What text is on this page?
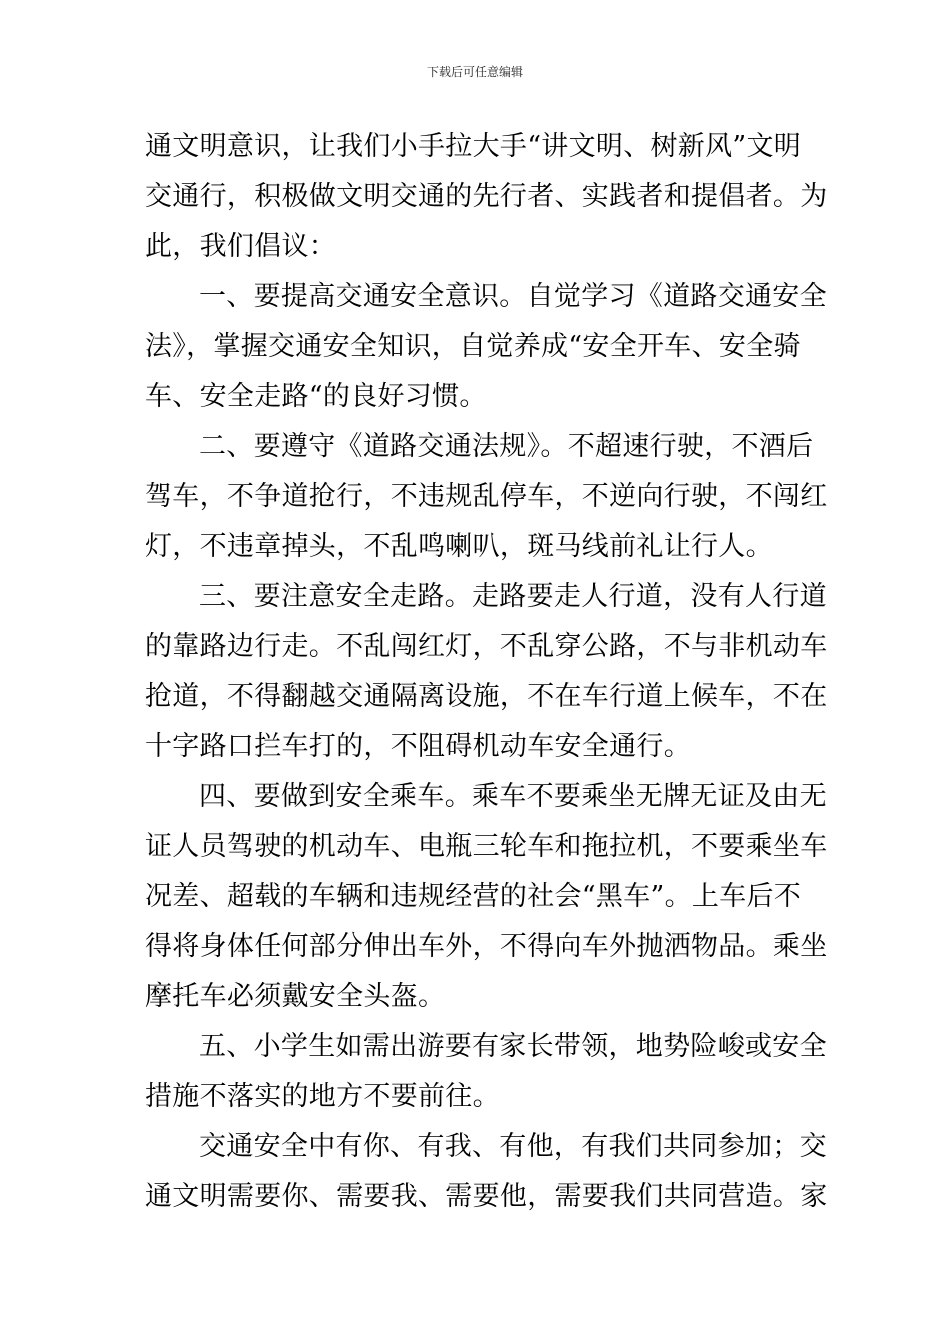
下载后可任意编辑
通文明意识，让我们小手拉大手“讲文明、树新风”文明
交通行，积极做文明交通的先行者、实践者和提倡者。为
此，我们倡议：
一、要提高交通安全意识。自觉学习《道路交通安全
法》，掌握交通安全知识，自觉养成“安全开车、安全骑
车、安全走路“的良好习惯。
二、要遵守《道路交通法规》。不超速行驶，不酒后
驾车，不争道抢行，不违规乱停车，不逆向行驶，不闯红
灯，不违章掉头，不乱鸣喇叭，斑马线前礼让行人。
三、要注意安全走路。走路要走人行道，没有人行道
的靠路边行走。不乱闯红灯，不乱穿公路，不与非机动车
抢道，不得翻越交通隔离设施，不在车行道上候车，不在
十字路口拦车打的，不阻碍机动车安全通行。
四、要做到安全乘车。乘车不要乘坐无牌无证及由无
证人员驾驶的机动车、电瓶三轮车和拖拉机，不要乘坐车
况差、超载的车辆和违规经营的社会“黑车”。上车后不
得将身体任何部分伸出车外，不得向车外抛洒物品。乘坐
摩托车必须戴安全头盔。
五、小学生如需出游要有家长带领，地势险峻或安全
措施不落实的地方不要前往。
交通安全中有你、有我、有他，有我们共同参加；交
通文明需要你、需要我、需要他，需要我们共同营造。家
